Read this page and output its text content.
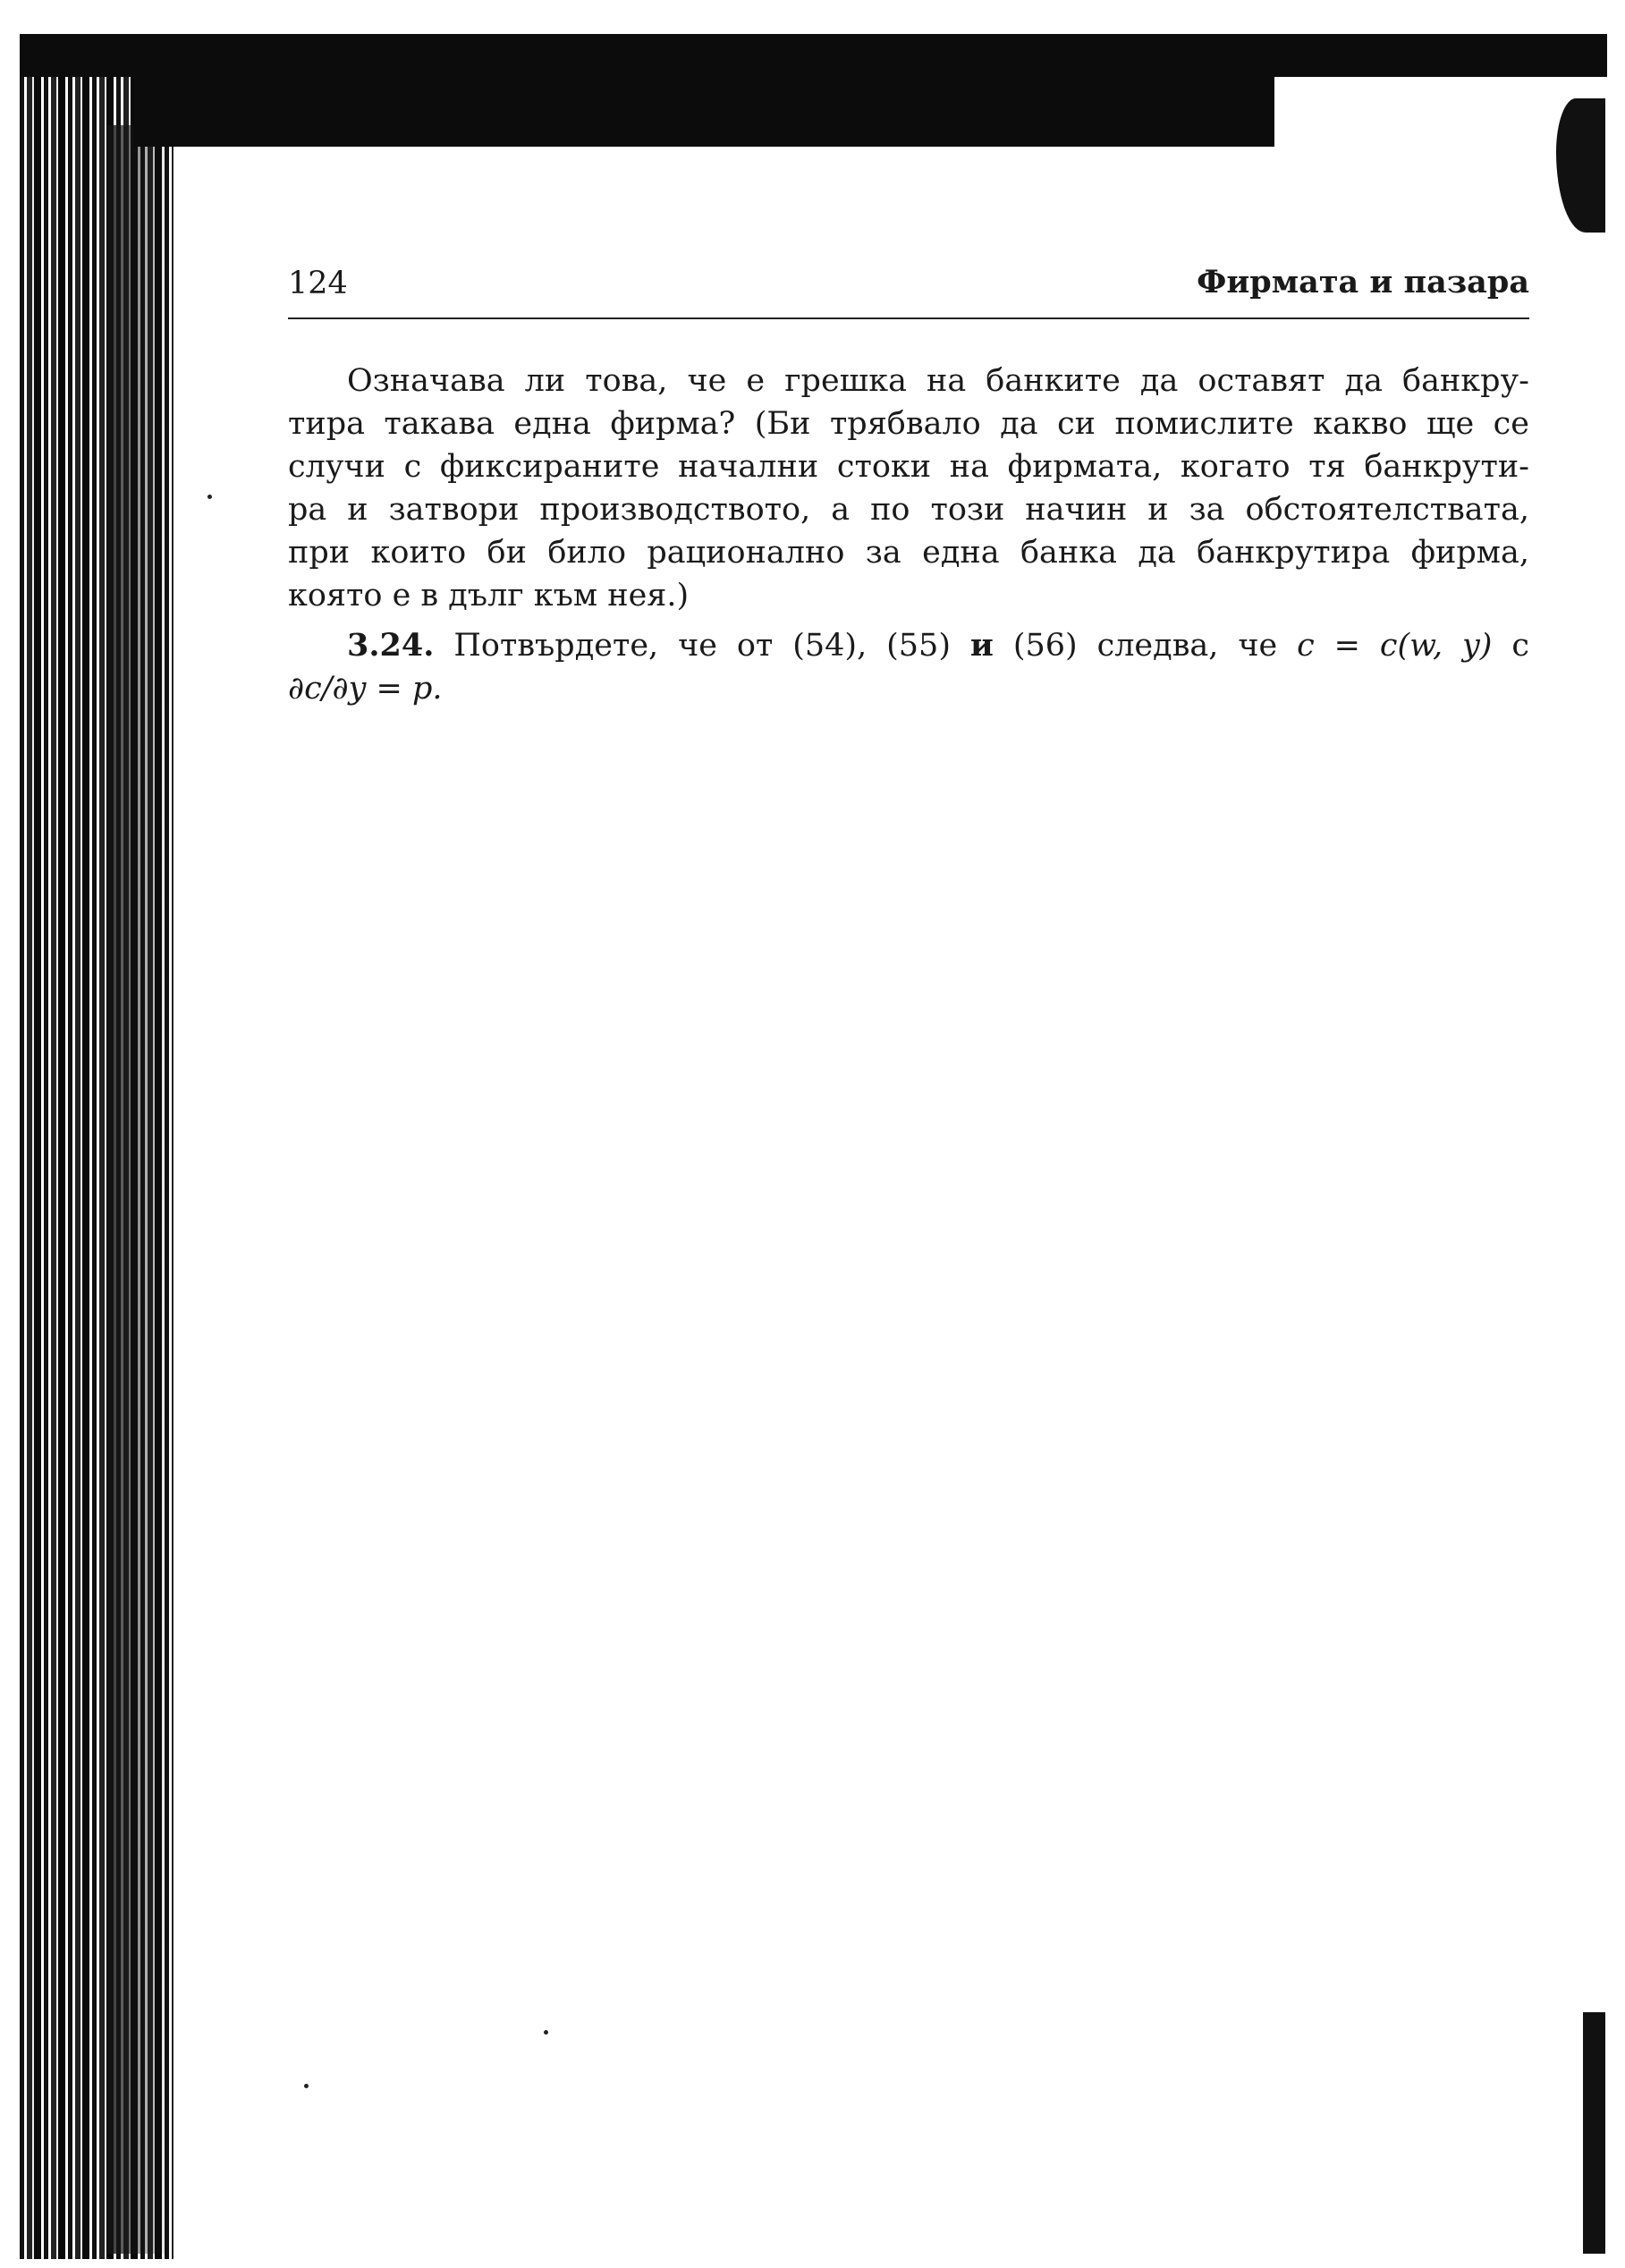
124	Фирмата и пазара
Означава ли това, че е грешка на банките да оставят да банкру-
тира такава една фирма? (Би трябвало да си помислите какво ще се
случи с фиксираните начални стоки на фирмата, когато тя банкрути-
ра и затвори производството, а по този начин и за обстоятелствата,
при които би било рационално за една банка да банкрутира фирма,
която е в дълг към нея.)
3.24. Потвърдете, че от (54), (55) и (56) следва, че c = c(w, y) с
∂c/∂y = p.
